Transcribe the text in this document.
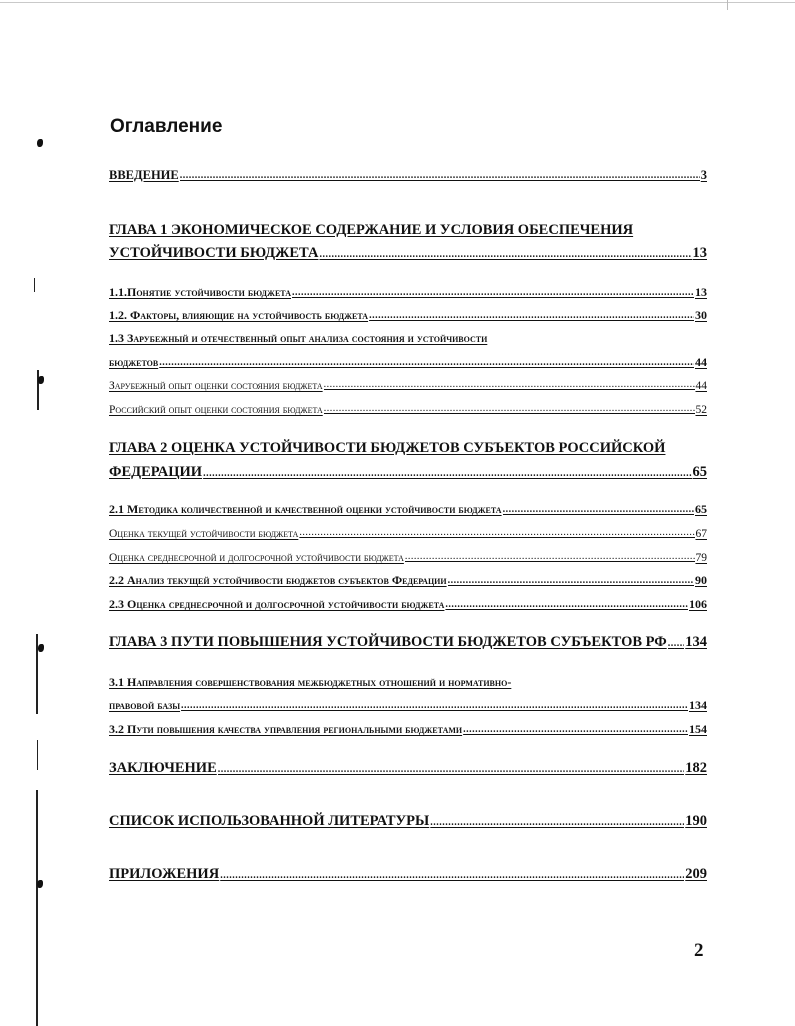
Оглавление
ВВЕДЕНИЕ .....	3
ГЛАВА 1 ЭКОНОМИЧЕСКОЕ СОДЕРЖАНИЕ И УСЛОВИЯ ОБЕСПЕЧЕНИЯ
УСТОЙЧИВОСТИ БЮДЖЕТА .....	13
1.1.Понятие устойчивости бюджета .....	13
1.2. Факторы, влияющие на устойчивость бюджета .....	30
1.3 Зарубежный и отечественный опыт анализа состояния и устойчивости
бюджетов .....	44
Зарубежный опыт оценки состояния бюджета .....	44
Российский опыт оценки состояния бюджета .....	52
ГЛАВА 2 ОЦЕНКА УСТОЙЧИВОСТИ БЮДЖЕТОВ СУБЪЕКТОВ РОССИЙСКОЙ
ФЕДЕРАЦИИ .....	65
2.1 Методика количественной и качественной оценки устойчивости бюджета .....	65
Оценка текущей устойчивости бюджета .....	67
Оценка среднесрочной и долгосрочной устойчивости бюджета .....	79
2.2 Анализ текущей устойчивости бюджетов субъектов Федерации .....	90
2.3 Оценка среднесрочной и долгосрочной устойчивости бюджета .....	106
ГЛАВА 3 ПУТИ ПОВЫШЕНИЯ УСТОЙЧИВОСТИ БЮДЖЕТОВ СУБЪЕКТОВ РФ ..... 134
3.1 Направления совершенствования межбюджетных отношений и нормативно-
правовой базы .....	134
3.2 Пути повышения качества управления региональными бюджетами .....	154
ЗАКЛЮЧЕНИЕ .....	182
СПИСОК ИСПОЛЬЗОВАННОЙ ЛИТЕРАТУРЫ .....	190
ПРИЛОЖЕНИЯ .....	209
2
